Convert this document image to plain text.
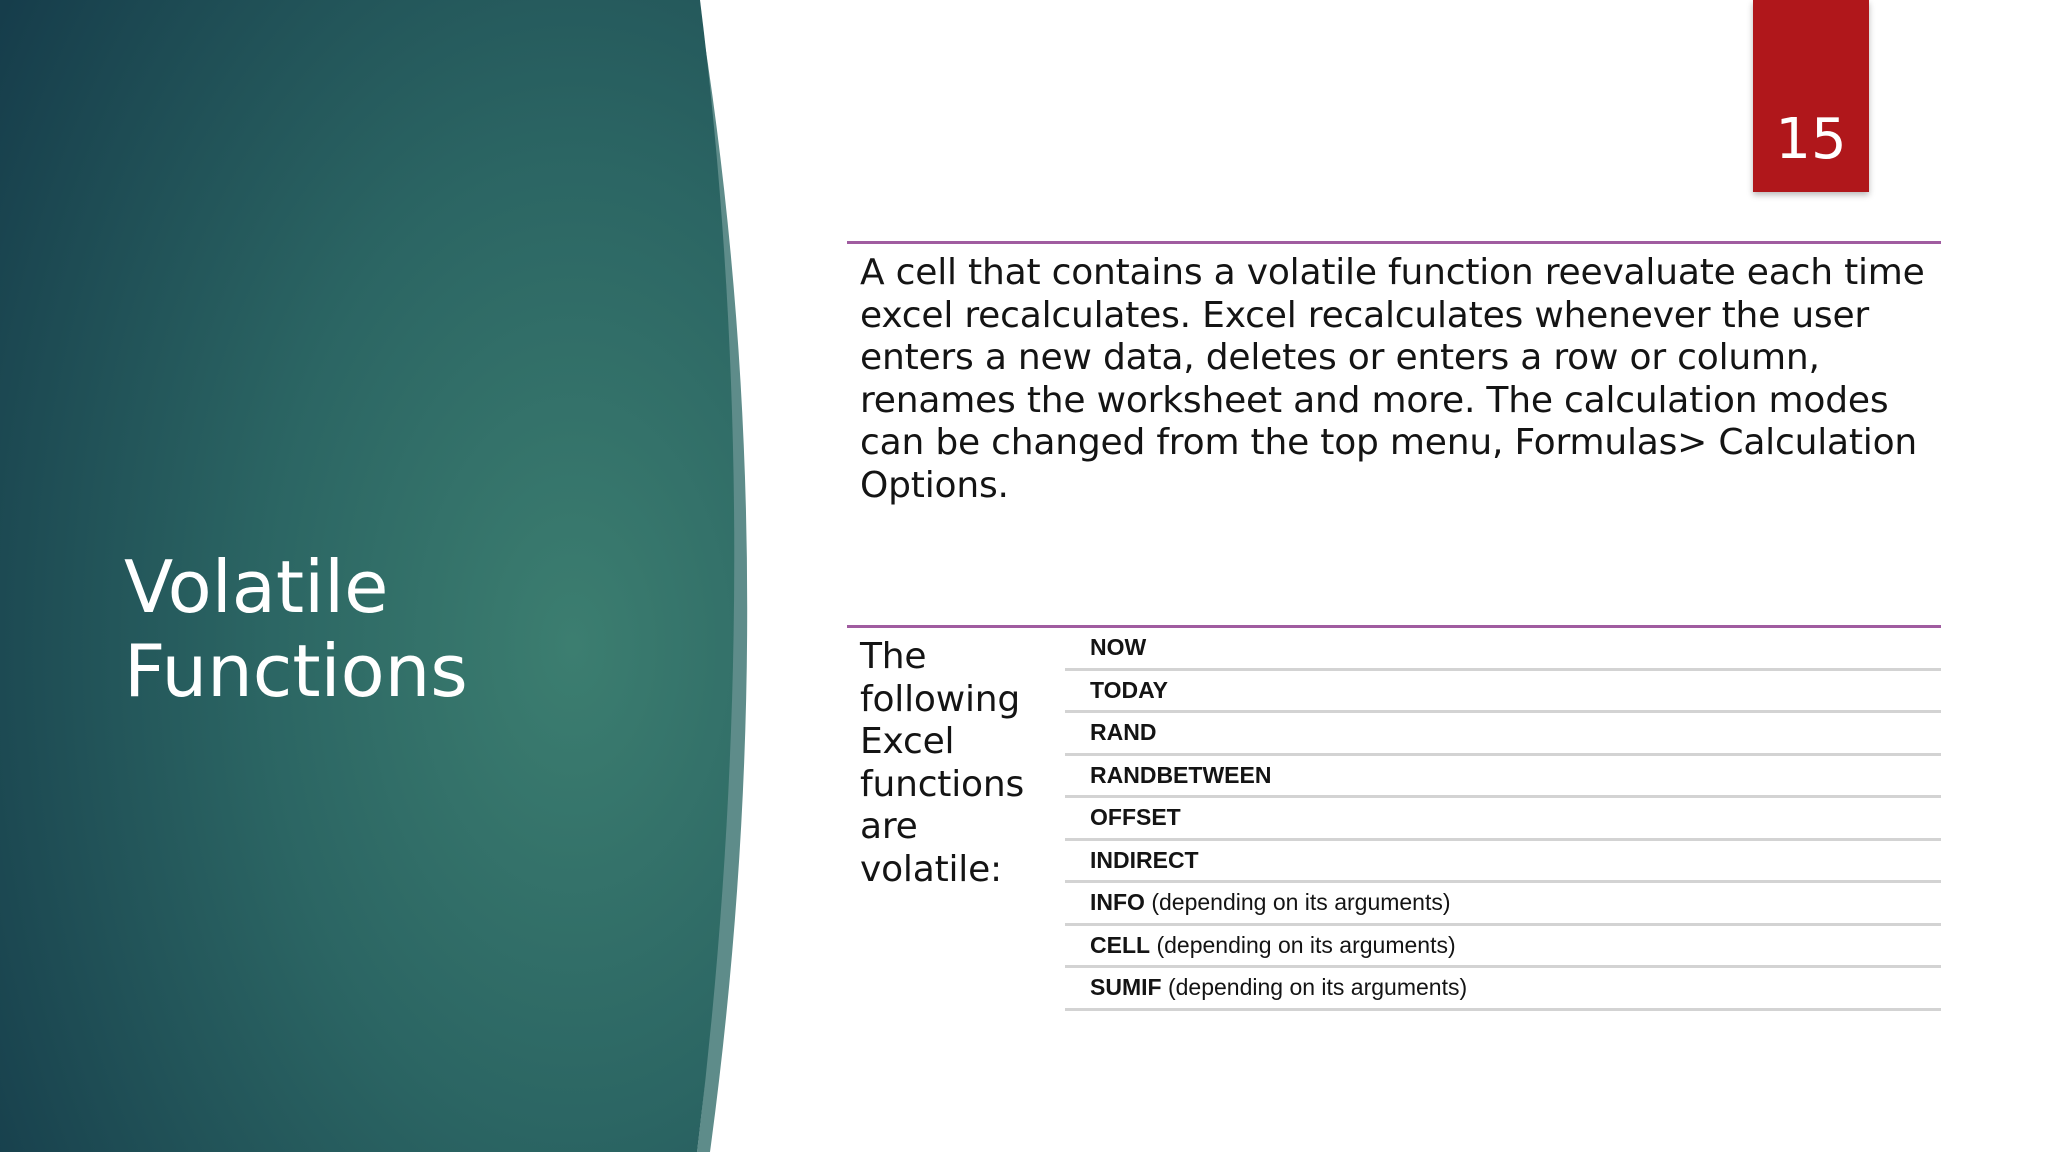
Volatile
Functions
15

A cell that contains a volatile function reevaluate each time excel recalculates. Excel recalculates whenever the user enters a new data, deletes or enters a row or column, renames the worksheet and more. The calculation modes can be changed from the top menu, Formulas> Calculation Options.

The
following
Excel
functions
are
volatile:

NOW
TODAY
RAND
RANDBETWEEN
OFFSET
INDIRECT
INFO (depending on its arguments)
CELL (depending on its arguments)
SUMIF (depending on its arguments)
